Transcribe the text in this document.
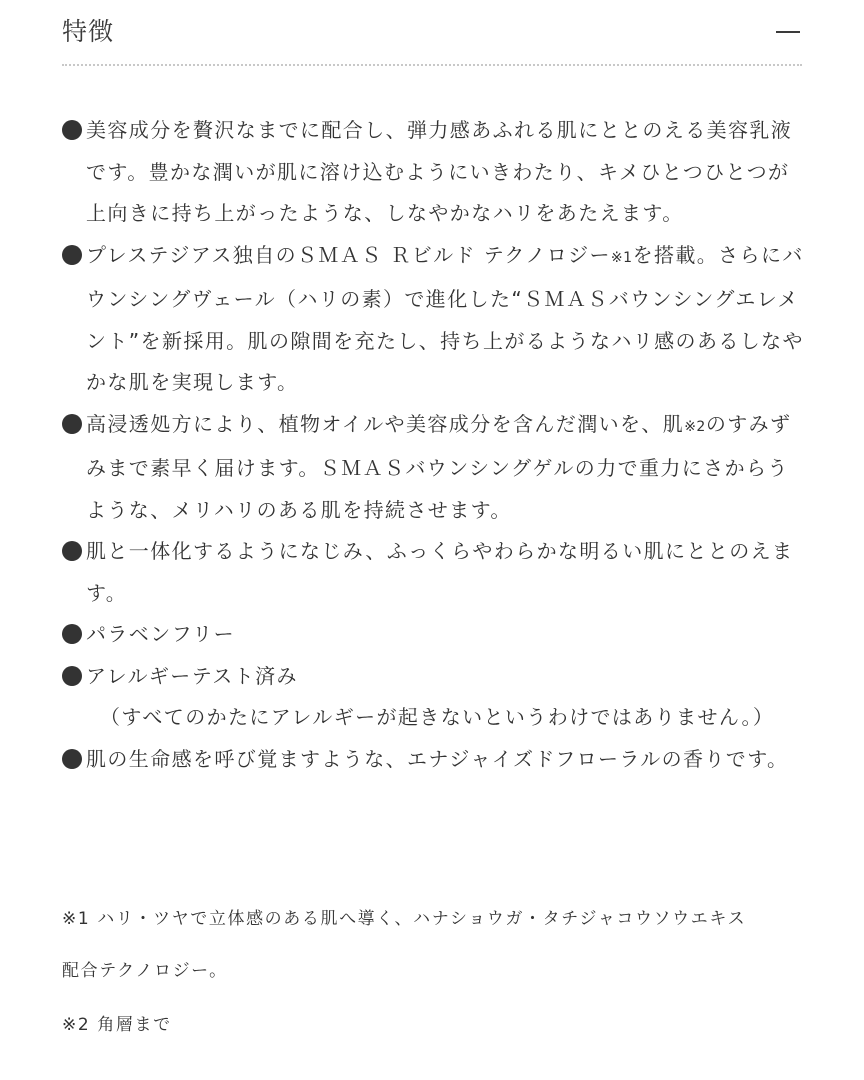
特徴
美容成分を贅沢なまでに配合し、弾力感あふれる肌にととのえる美容乳液です。豊かな潤いが肌に溶け込むようにいきわたり、キメひとつひとつが上向きに持ち上がったような、しなやかなハリをあたえます。
プレステジアス独自のＳＭＡＳ Ｒビルド テクノロジー※1を搭載。さらにバウンシングヴェール（ハリの素）で進化した“ＳＭＡＳバウンシングエレメント”を新採用。肌の隙間を充たし、持ち上がるようなハリ感のあるしなやかな肌を実現します。
高浸透処方により、植物オイルや美容成分を含んだ潤いを、肌※2のすみずみまで素早く届けます。ＳＭＡＳバウンシングゲルの力で重力にさからうような、メリハリのある肌を持続させます。
肌と一体化するようになじみ、ふっくらやわらかな明るい肌にととのえます。
パラベンフリー
アレルギーテスト済み
（すべてのかたにアレルギーが起きないというわけではありません。）
肌の生命感を呼び覚ますような、エナジャイズドフローラルの香りです。
※1 ハリ・ツヤで立体感のある肌へ導く、ハナショウガ・タチジャコウソウエキス
配合テクノロジー。
※2 角層まで
